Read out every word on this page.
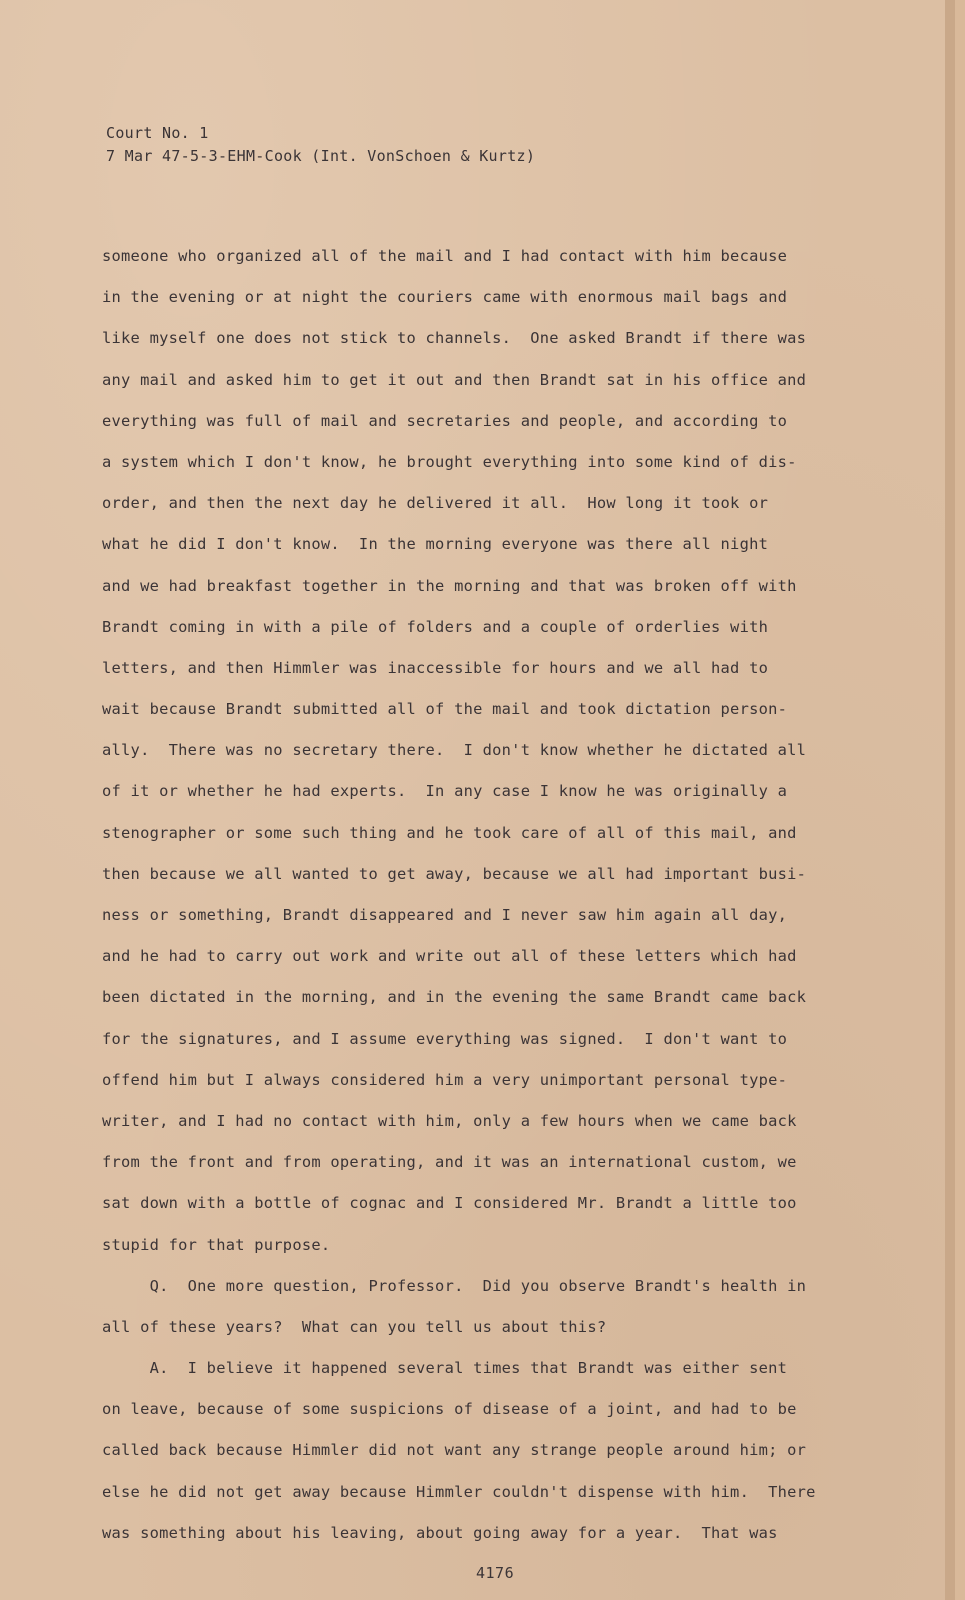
Court No. 1
7 Mar 47-5-3-EHM-Cook (Int. VonSchoen & Kurtz)
someone who organized all of the mail and I had contact with him because
in the evening or at night the couriers came with enormous mail bags and
like myself one does not stick to channels.  One asked Brandt if there was
any mail and asked him to get it out and then Brandt sat in his office and
everything was full of mail and secretaries and people, and according to
a system which I don't know, he brought everything into some kind of dis-
order, and then the next day he delivered it all.  How long it took or
what he did I don't know.  In the morning everyone was there all night
and we had breakfast together in the morning and that was broken off with
Brandt coming in with a pile of folders and a couple of orderlies with
letters, and then Himmler was inaccessible for hours and we all had to
wait because Brandt submitted all of the mail and took dictation person-
ally.  There was no secretary there.  I don't know whether he dictated all
of it or whether he had experts.  In any case I know he was originally a
stenographer or some such thing and he took care of all of this mail, and
then because we all wanted to get away, because we all had important busi-
ness or something, Brandt disappeared and I never saw him again all day,
and he had to carry out work and write out all of these letters which had
been dictated in the morning, and in the evening the same Brandt came back
for the signatures, and I assume everything was signed.  I don't want to
offend him but I always considered him a very unimportant personal type-
writer, and I had no contact with him, only a few hours when we came back
from the front and from operating, and it was an international custom, we
sat down with a bottle of cognac and I considered Mr. Brandt a little too
stupid for that purpose.
Q.  One more question, Professor.  Did you observe Brandt's health in
all of these years?  What can you tell us about this?
A.  I believe it happened several times that Brandt was either sent
on leave, because of some suspicions of disease of a joint, and had to be
called back because Himmler did not want any strange people around him; or
else he did not get away because Himmler couldn't dispense with him.  There
was something about his leaving, about going away for a year.  That was
4176
